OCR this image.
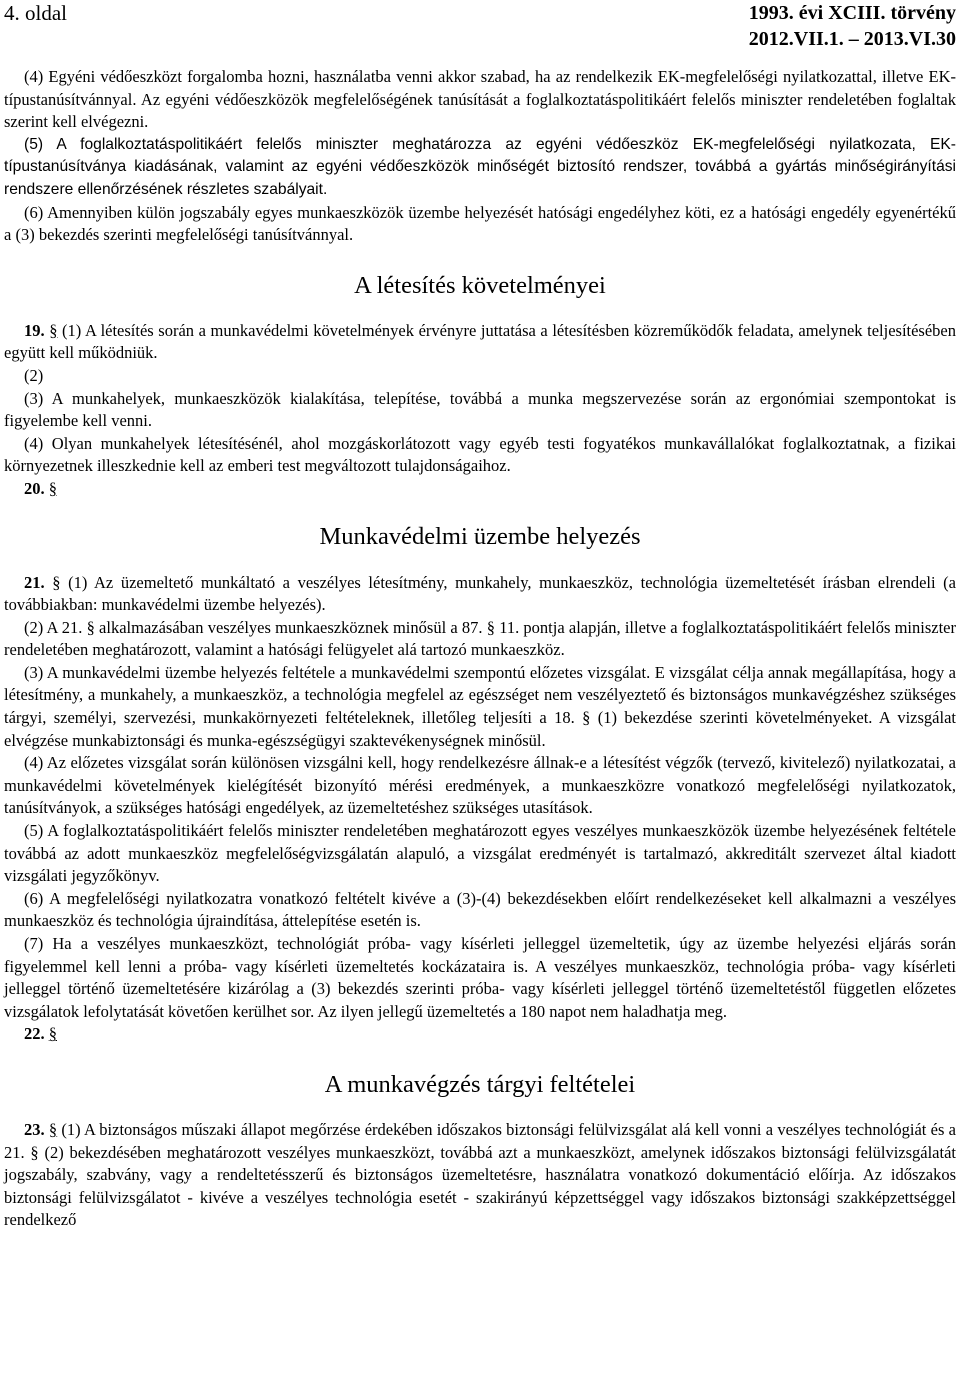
4. oldal	1993. évi XCIII. törvény
2012.VII.1. – 2013.VI.30

(4) Egyéni védőeszközt forgalomba hozni, használatba venni akkor szabad, ha az rendelkezik EK-megfelelőségi nyilatkozattal, illetve EK-típustanúsítvánnyal. Az egyéni védőeszközök megfelelőségének tanúsítását a foglalkoztatáspolitikáért felelős miniszter rendeletében foglaltak szerint kell elvégezni.

(5) A foglalkoztatáspolitikáért felelős miniszter meghatározza az egyéni védőeszköz EK-megfelelőségi nyilatkozata, EK-típustanúsítványa kiadásának, valamint az egyéni védőeszközök minőségét biztosító rendszer, továbbá a gyártás minőségirányítási rendszere ellenőrzésének részletes szabályait.

(6) Amennyiben külön jogszabály egyes munkaeszközök üzembe helyezését hatósági engedélyhez köti, ez a hatósági engedély egyenértékű a (3) bekezdés szerinti megfelelőségi tanúsítvánnyal.

A létesítés követelményei

19. § (1) A létesítés során a munkavédelmi követelmények érvényre juttatása a létesítésben közreműködők feladata, amelynek teljesítésében együtt kell működniük.

(2)

(3) A munkahelyek, munkaeszközök kialakítása, telepítése, továbbá a munka megszervezése során az ergonómiai szempontokat is figyelembe kell venni.

(4) Olyan munkahelyek létesítésénél, ahol mozgáskorlátozott vagy egyéb testi fogyatékos munkavállalókat foglalkoztatnak, a fizikai környezetnek illeszkednie kell az emberi test megváltozott tulajdonságaihoz.

20. §

Munkavédelmi üzembe helyezés

21. § (1) Az üzemeltető munkáltató a veszélyes létesítmény, munkahely, munkaeszköz, technológia üzemeltetését írásban elrendeli (a továbbiakban: munkavédelmi üzembe helyezés).

(2) A 21. § alkalmazásában veszélyes munkaeszköznek minősül a 87. § 11. pontja alapján, illetve a foglalkoztatáspolitikáért felelős miniszter rendeletében meghatározott, valamint a hatósági felügyelet alá tartozó munkaeszköz.

(3) A munkavédelmi üzembe helyezés feltétele a munkavédelmi szempontú előzetes vizsgálat. E vizsgálat célja annak megállapítása, hogy a létesítmény, a munkahely, a munkaeszköz, a technológia megfelel az egészséget nem veszélyeztető és biztonságos munkavégzéshez szükséges tárgyi, személyi, szervezési, munkakörnyezeti feltételeknek, illetőleg teljesíti a 18. § (1) bekezdése szerinti követelményeket. A vizsgálat elvégzése munkabiztonsági és munka-egészségügyi szaktevékenységnek minősül.

(4) Az előzetes vizsgálat során különösen vizsgálni kell, hogy rendelkezésre állnak-e a létesítést végzők (tervező, kivitelező) nyilatkozatai, a munkavédelmi követelmények kielégítését bizonyító mérési eredmények, a munkaeszközre vonatkozó megfelelőségi nyilatkozatok, tanúsítványok, a szükséges hatósági engedélyek, az üzemeltetéshez szükséges utasítások.

(5) A foglalkoztatáspolitikáért felelős miniszter rendeletében meghatározott egyes veszélyes munkaeszközök üzembe helyezésének feltétele továbbá az adott munkaeszköz megfelelőségvizsgálatán alapuló, a vizsgálat eredményét is tartalmazó, akkreditált szervezet által kiadott vizsgálati jegyzőkönyv.

(6) A megfelelőségi nyilatkozatra vonatkozó feltételt kivéve a (3)-(4) bekezdésekben előírt rendelkezéseket kell alkalmazni a veszélyes munkaeszköz és technológia újraindítása, áttelepítése esetén is.

(7) Ha a veszélyes munkaeszközt, technológiát próba- vagy kísérleti jelleggel üzemeltetik, úgy az üzembe helyezési eljárás során figyelemmel kell lenni a próba- vagy kísérleti üzemeltetés kockázataira is. A veszélyes munkaeszköz, technológia próba- vagy kísérleti jelleggel történő üzemeltetésére kizárólag a (3) bekezdés szerinti próba- vagy kísérleti jelleggel történő üzemeltetéstől független előzetes vizsgálatok lefolytatását követően kerülhet sor. Az ilyen jellegű üzemeltetés a 180 napot nem haladhatja meg.

22. §

A munkavégzés tárgyi feltételei

23. § (1) A biztonságos műszaki állapot megőrzése érdekében időszakos biztonsági felülvizsgálat alá kell vonni a veszélyes technológiát és a 21. § (2) bekezdésében meghatározott veszélyes munkaeszközt, továbbá azt a munkaeszközt, amelynek időszakos biztonsági felülvizsgálatát jogszabály, szabvány, vagy a rendeltetésszerű és biztonságos üzemeltetésre, használatra vonatkozó dokumentáció előírja. Az időszakos biztonsági felülvizsgálatot - kivéve a veszélyes technológia esetét - szakirányú képzettséggel vagy időszakos biztonsági szakképzettséggel rendelkező
